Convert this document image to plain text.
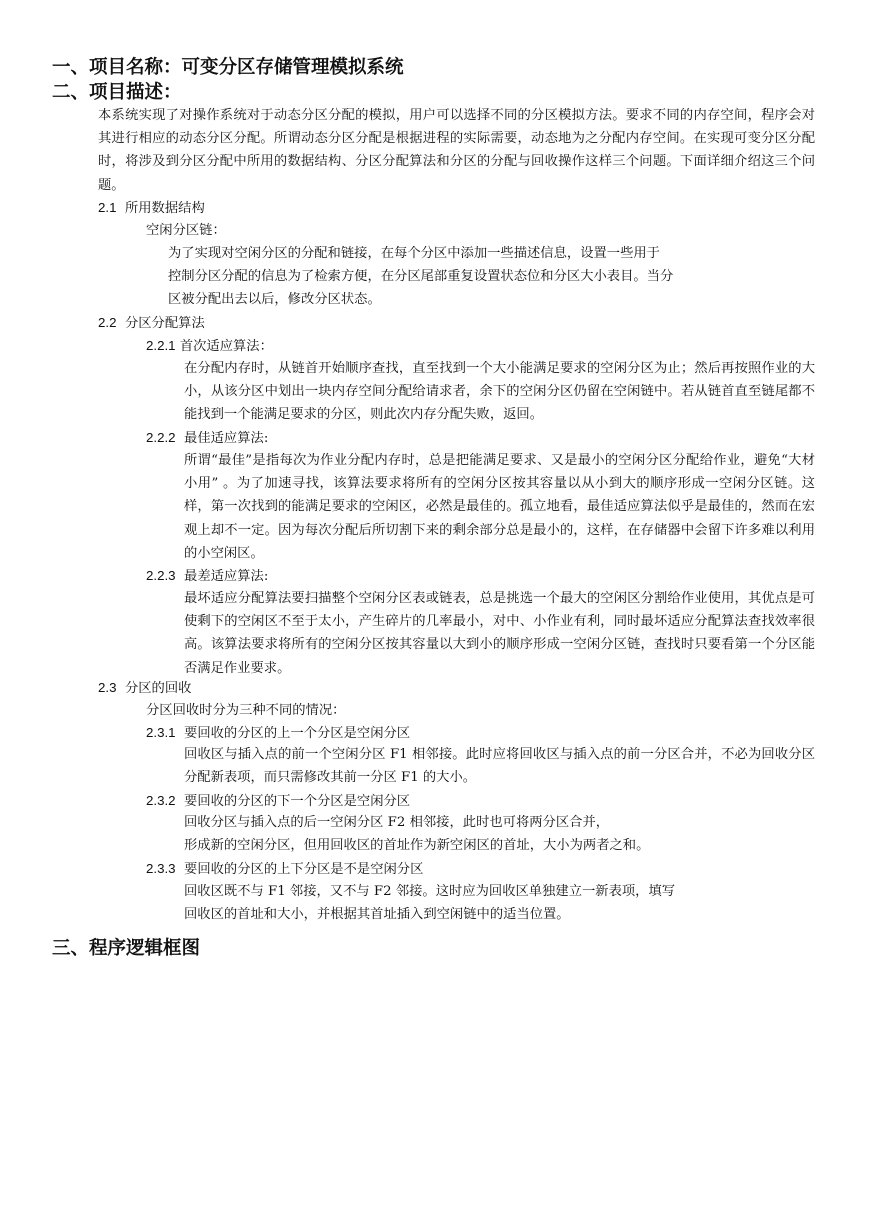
一、项目名称：可变分区存储管理模拟系统
二、项目描述：
本系统实现了对操作系统对于动态分区分配的模拟，用户可以选择不同的分区模拟方法。要求不同的内存空间，程序会对其进行相应的动态分区分配。所谓动态分区分配是根据进程的实际需要，动态地为之分配内存空间。在实现可变分区分配时，将涉及到分区分配中所用的数据结构、分区分配算法和分区的分配与回收操作这样三个问题。下面详细介绍这三个问题。
2.1 所用数据结构
空闲分区链：
为了实现对空闲分区的分配和链接，在每个分区中添加一些描述信息，设置一些用于
控制分区分配的信息为了检索方便，在分区尾部重复设置状态位和分区大小表目。当分
区被分配出去以后，修改分区状态。
2.2 分区分配算法
2.2.1 首次适应算法：
在分配内存时，从链首开始顺序查找，直至找到一个大小能满足要求的空闲分区为止；然后再按照作业的大小，从该分区中划出一块内存空间分配给请求者，余下的空闲分区仍留在空闲链中。若从链首直至链尾都不能找到一个能满足要求的分区，则此次内存分配失败，返回。
2.2.2 最佳适应算法:
所谓“最佳”是指每次为作业分配内存时，总是把能满足要求、又是最小的空闲分区分配给作业，避免“大材小用” 。为了加速寻找，该算法要求将所有的空闲分区按其容量以从小到大的顺序形成一空闲分区链。这样，第一次找到的能满足要求的空闲区，必然是最佳的。孤立地看，最佳适应算法似乎是最佳的，然而在宏观上却不一定。因为每次分配后所切割下来的剩余部分总是最小的，这样，在存储器中会留下许多难以利用的小空闲区。
2.2.3 最差适应算法:
最坏适应分配算法要扫描整个空闲分区表或链表，总是挑选一个最大的空闲区分割给作业使用，其优点是可使剩下的空闲区不至于太小，产生碎片的几率最小，对中、小作业有利，同时最坏适应分配算法查找效率很高。该算法要求将所有的空闲分区按其容量以大到小的顺序形成一空闲分区链，查找时只要看第一个分区能否满足作业要求。
2.3 分区的回收
分区回收时分为三种不同的情况：
2.3.1 要回收的分区的上一个分区是空闲分区
回收区与插入点的前一个空闲分区 F1 相邻接。此时应将回收区与插入点的前一分区合并，不必为回收分区分配新表项，而只需修改其前一分区 F1 的大小。
2.3.2 要回收的分区的下一个分区是空闲分区
回收分区与插入点的后一空闲分区 F2 相邻接，此时也可将两分区合并，
形成新的空闲分区，但用回收区的首址作为新空闲区的首址，大小为两者之和。
2.3.3 要回收的分区的上下分区是不是空闲分区
回收区既不与 F1 邻接，又不与 F2 邻接。这时应为回收区单独建立一新表项，填写
回收区的首址和大小，并根据其首址插入到空闲链中的适当位置。
三、程序逻辑框图
